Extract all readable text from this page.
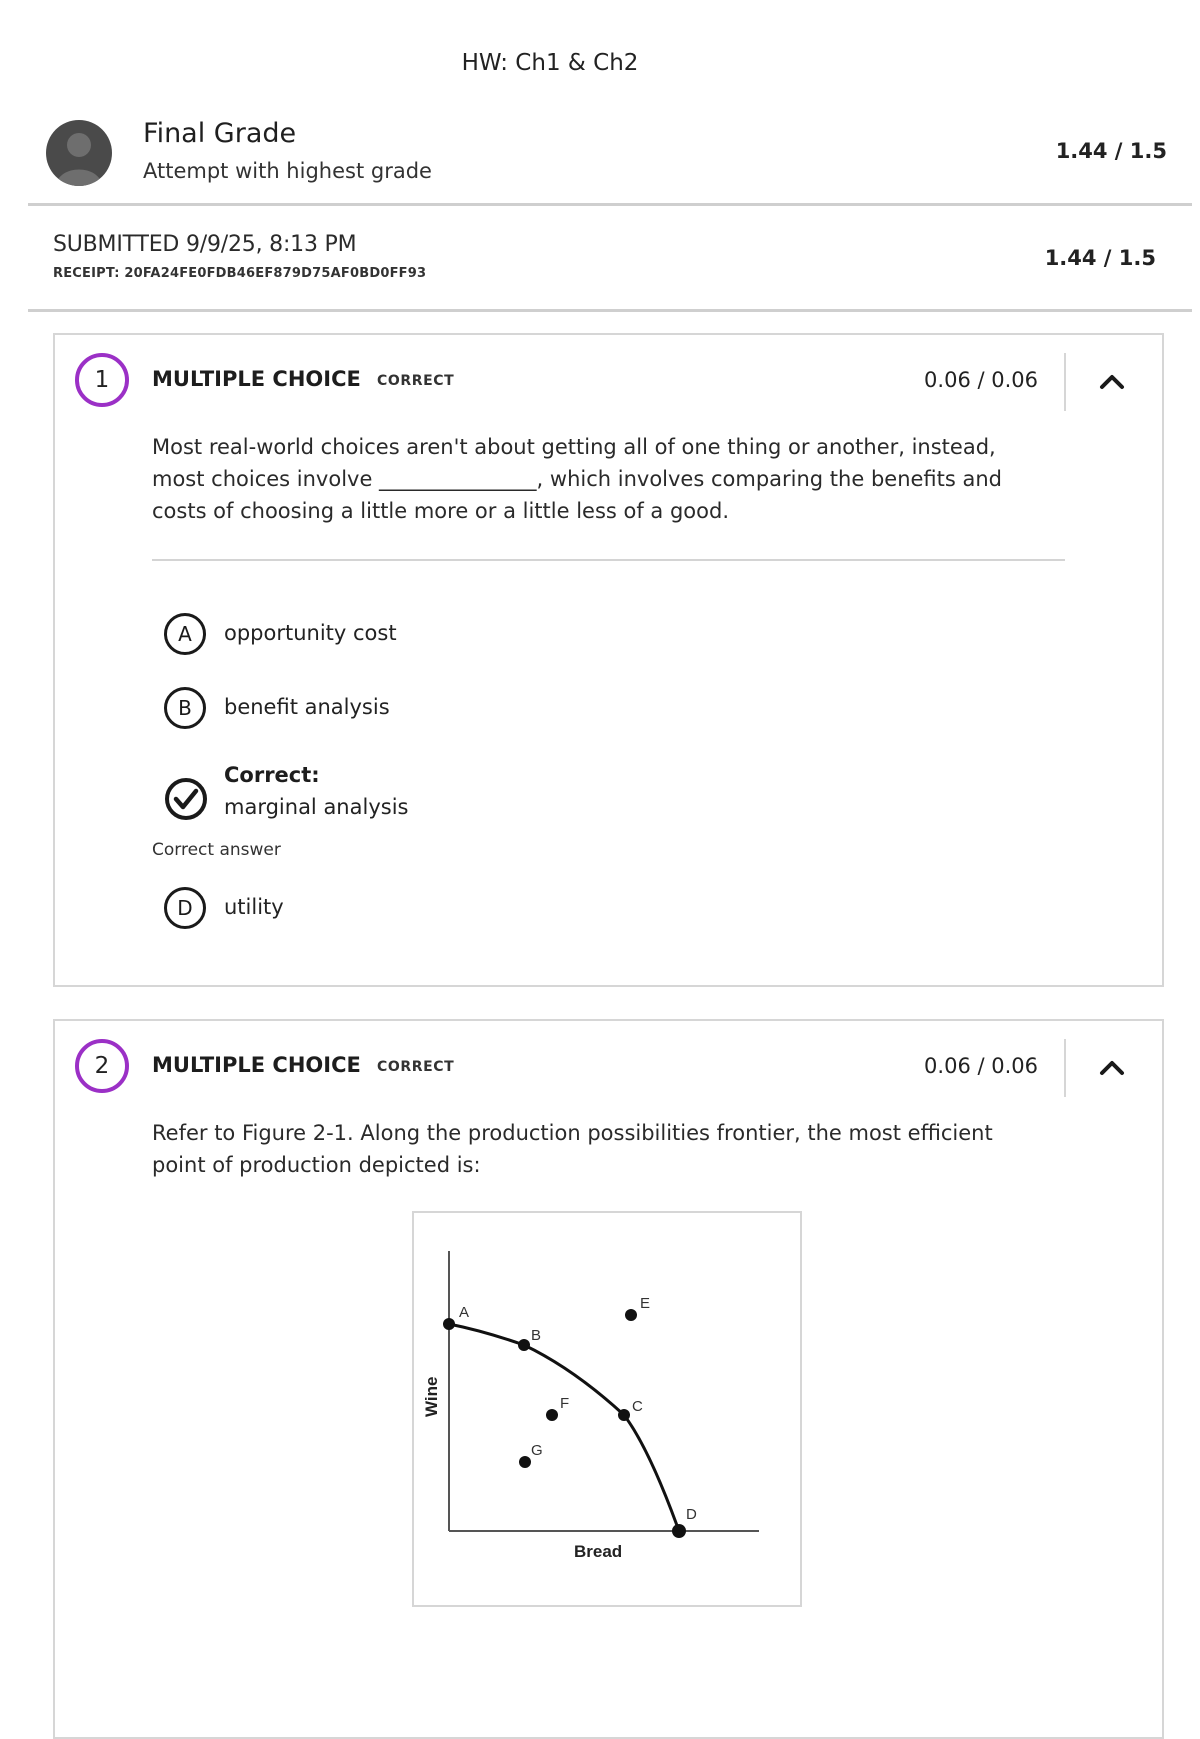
HW: Ch1 & Ch2
Final Grade
Attempt with highest grade
1.44 / 1.5
SUBMITTED 9/9/25, 8:13 PM
RECEIPT: 20FA24FE0FDB46EF879D75AF0BD0FF93
1.44 / 1.5
1	MULTIPLE CHOICE CORRECT	0.06 / 0.06
Most real-world choices aren't about getting all of one thing or another, instead, most choices involve _______________, which involves comparing the benefits and costs of choosing a little more or a little less of a good.
A	opportunity cost
B	benefit analysis
Correct:
marginal analysis
Correct answer
D	utility
2	MULTIPLE CHOICE CORRECT	0.06 / 0.06
Refer to Figure 2-1. Along the production possibilities frontier, the most efficient point of production depicted is:
A
B
C
D
E
F
G
Bread
Wine
